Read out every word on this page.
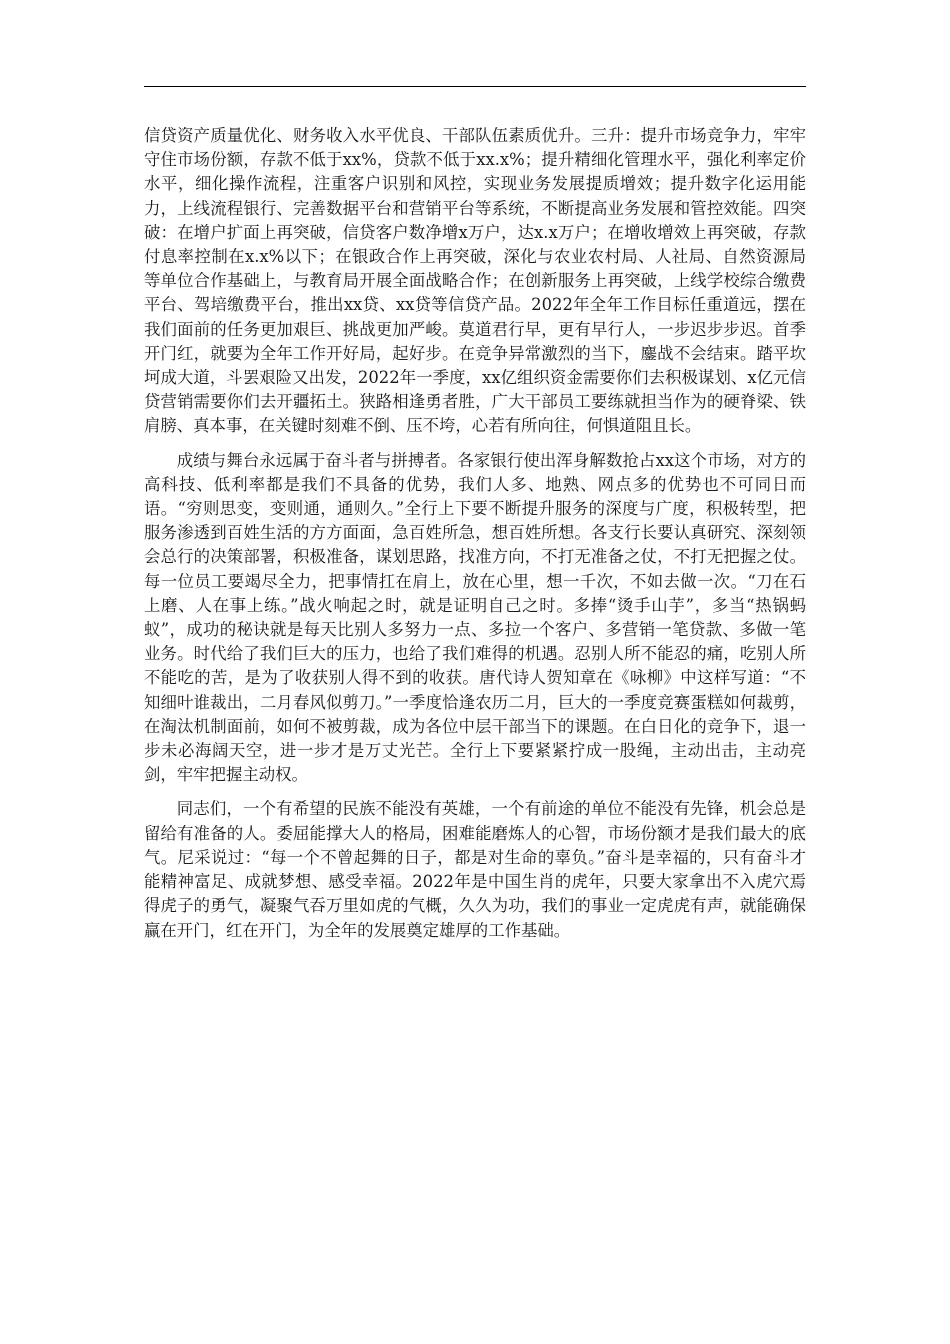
信贷资产质量优化、财务收入水平优良、干部队伍素质优升。三升：提升市场竞争力，牢牢守住市场份额，存款不低于xx%，贷款不低于xx.x%；提升精细化管理水平，强化利率定价水平，细化操作流程，注重客户识别和风控，实现业务发展提质增效；提升数字化运用能力，上线流程银行、完善数据平台和营销平台等系统，不断提高业务发展和管控效能。四突破：在增户扩面上再突破，信贷客户数净增x万户，达x.x万户；在增收增效上再突破，存款付息率控制在x.x%以下；在银政合作上再突破，深化与农业农村局、人社局、自然资源局等单位合作基础上，与教育局开展全面战略合作；在创新服务上再突破，上线学校综合缴费平台、驾培缴费平台，推出xx贷、xx贷等信贷产品。2022年全年工作目标任重道远，摆在我们面前的任务更加艰巨、挑战更加严峻。莫道君行早，更有早行人，一步迟步步迟。首季开门红，就要为全年工作开好局，起好步。在竞争异常激烈的当下，鏖战不会结束。踏平坎坷成大道，斗罢艰险又出发，2022年一季度，xx亿组织资金需要你们去积极谋划、x亿元信贷营销需要你们去开疆拓土。狭路相逢勇者胜，广大干部员工要练就担当作为的硬脊梁、铁肩膀、真本事，在关键时刻难不倒、压不垮，心若有所向往，何惧道阻且长。

成绩与舞台永远属于奋斗者与拼搏者。各家银行使出浑身解数抢占xx这个市场，对方的高科技、低利率都是我们不具备的优势，我们人多、地熟、网点多的优势也不可同日而语。“穷则思变，变则通，通则久。”全行上下要不断提升服务的深度与广度，积极转型，把服务渗透到百姓生活的方方面面，急百姓所急，想百姓所想。各支行长要认真研究、深刻领会总行的决策部署，积极准备，谋划思路，找准方向，不打无准备之仗，不打无把握之仗。每一位员工要竭尽全力，把事情扛在肩上，放在心里，想一千次，不如去做一次。“刀在石上磨、人在事上练。”战火响起之时，就是证明自己之时。多捧“烫手山芋”，多当“热锅蚂蚁”，成功的秘诀就是每天比别人多努力一点、多拉一个客户、多营销一笔贷款、多做一笔业务。时代给了我们巨大的压力，也给了我们难得的机遇。忍别人所不能忍的痛，吃别人所不能吃的苦，是为了收获别人得不到的收获。唐代诗人贺知章在《咏柳》中这样写道：“不知细叶谁裁出，二月春风似剪刀。”一季度恰逢农历二月，巨大的一季度竞赛蛋糕如何裁剪，在淘汰机制面前，如何不被剪裁，成为各位中层干部当下的课题。在白日化的竞争下，退一步未必海阔天空，进一步才是万丈光芒。全行上下要紧紧拧成一股绳，主动出击，主动亮剑，牢牢把握主动权。

同志们，一个有希望的民族不能没有英雄，一个有前途的单位不能没有先锋，机会总是留给有准备的人。委屈能撑大人的格局，困难能磨炼人的心智，市场份额才是我们最大的底气。尼采说过：“每一个不曾起舞的日子，都是对生命的辜负。”奋斗是幸福的，只有奋斗才能精神富足、成就梦想、感受幸福。2022年是中国生肖的虎年，只要大家拿出不入虎穴焉得虎子的勇气，凝聚气吞万里如虎的气概，久久为功，我们的事业一定虎虎有声，就能确保赢在开门，红在开门，为全年的发展奠定雄厚的工作基础。
